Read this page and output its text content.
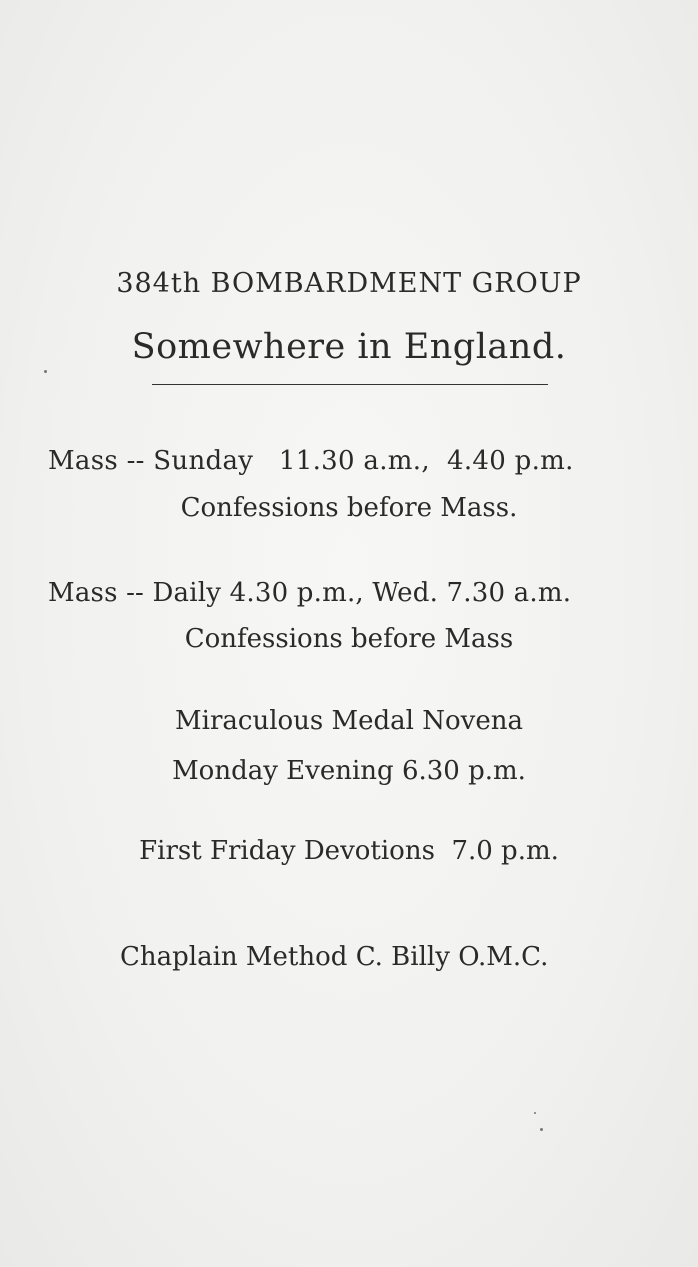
384th BOMBARDMENT GROUP
Somewhere in England.
Mass -- Sunday   11.30 a.m.,  4.40 p.m.
Confessions before Mass.
Mass -- Daily 4.30 p.m., Wed. 7.30 a.m.
Confessions before Mass
Miraculous Medal Novena
Monday Evening 6.30 p.m.
First Friday Devotions  7.0 p.m.
Chaplain Method C. Billy O.M.C.
